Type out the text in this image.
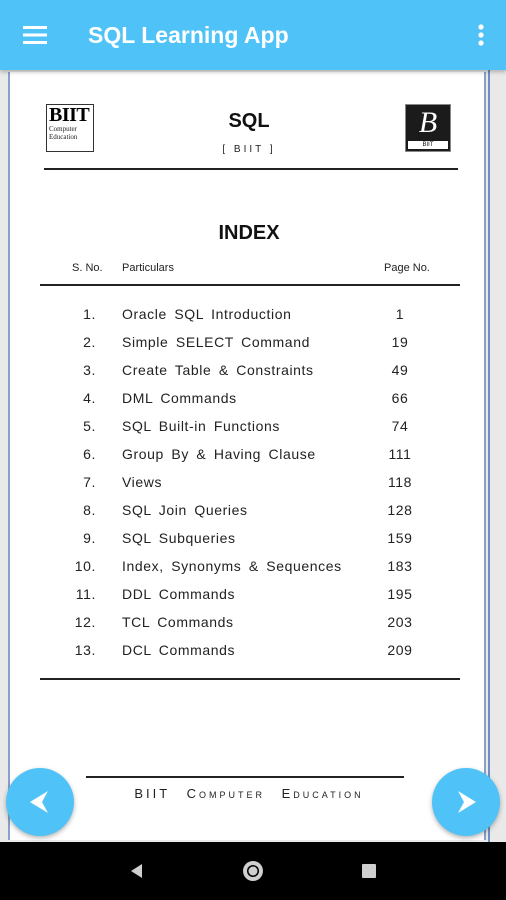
SQL Learning App
BIIT
Computer
Education
SQL
[ BIIT ]
B
BIIT
INDEX
S. No. Particulars	Page No.
1. Oracle SQL Introduction	1
2. Simple SELECT Command	19
3. Create Table & Constraints	49
4. DML Commands	66
5. SQL Built-in Functions	74
6. Group By & Having Clause	111
7. Views	118
8. SQL Join Queries	128
9. SQL Subqueries	159
10. Index, Synonyms & Sequences	183
11. DDL Commands	195
12. TCL Commands	203
13. DCL Commands	209
BIIT Computer Education
